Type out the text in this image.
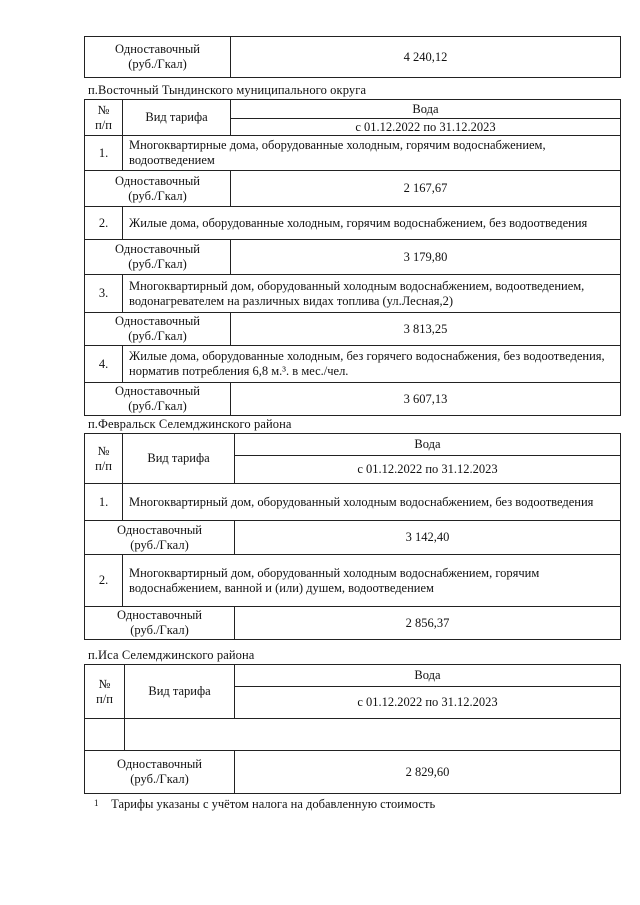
Одноставочный
(руб./Гкал)
	4 240,12
п.Восточный Тындинского муниципального округа
№
п/п	Вид тарифа	Вода
		с 01.12.2022 по 31.12.2023
1.	Многоквартирные дома, оборудованные холодным, горячим водоснабжением, водоотведением	

Одноставочный
(руб./Гкал)		2 167,67
2.	Жилые дома, оборудованные холодным, горячим водоснабжением, без водоотведения	

Одноставочный
(руб./Гкал)		3 179,80
3.	Многоквартирный дом, оборудованный холодным водоснабжением, водоотведением, водонагревателем на различных видах топлива (ул.Лесная,2)	

Одноставочный
(руб./Гкал)		3 813,25
4.	Жилые дома, оборудованные холодным, без горячего водоснабжения, без водоотведения, норматив потребления 6,8 м.³. в мес./чел.	

Одноставочный
(руб./Гкал)		3 607,13
п.Февральск Селемджинского района
№
п/п	Вид тарифа	Вода
		с 01.12.2022 по 31.12.2023
1.	Многоквартирный дом, оборудованный холодным водоснабжением, без водоотведения	

Одноставочный
(руб./Гкал)		3 142,40
2.	Многоквартирный дом, оборудованный холодным водоснабжением, горячим водоснабжением, ванной и (или) душем, водоотведением	

Одноставочный
(руб./Гкал)		2 856,37
п.Иса Селемджинского района
№
п/п	Вид тарифа	Вода
		с 01.12.2022 по 31.12.2023

Одноставочный
(руб./Гкал)		2 829,60
1 Тарифы указаны с учётом налога на добавленную стоимость
